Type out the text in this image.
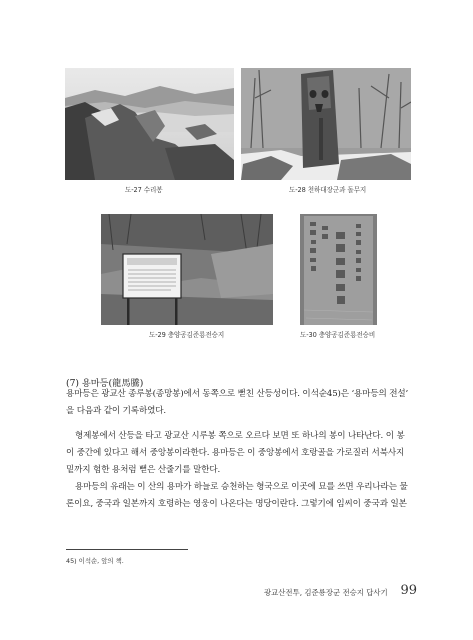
도-27 수리봉	도-28 천하대장군과 돌무지
도-29 충양공김준룡전승지	도-30 충양공김준룡전승비
(7) 용마등(龍馬騰)
용마등은 광교산 종루봉(종망봉)에서 동쪽으로 뻗친 산등성이다. 이석순45)은 ‘용마등의 전설’
을 다음과 같이 기록하였다.
형제봉에서 산등을 타고 광교산 시루봉 쪽으로 오르다 보면 또 하나의 봉이 나타난다. 이 봉
이 중간에 있다고 해서 중앙봉이라한다. 용마등은 이 중앙봉에서 호랑골을 가로질러 서북사지
밑까지 험한 용처럼 뻗은 산줄기를 말한다.
용마등의 유래는 이 산의 용마가 하늘로 승천하는 형국으로 이곳에 묘를 쓰면 우리나라는 물
론이요, 중국과 일본까지 호령하는 영웅이 나온다는 명당이란다. 그렇기에 임씨이 중국과 일본
45) 이석순, 앞의 책.
광교산전투, 김준룡장군 전승지 답사기 99
